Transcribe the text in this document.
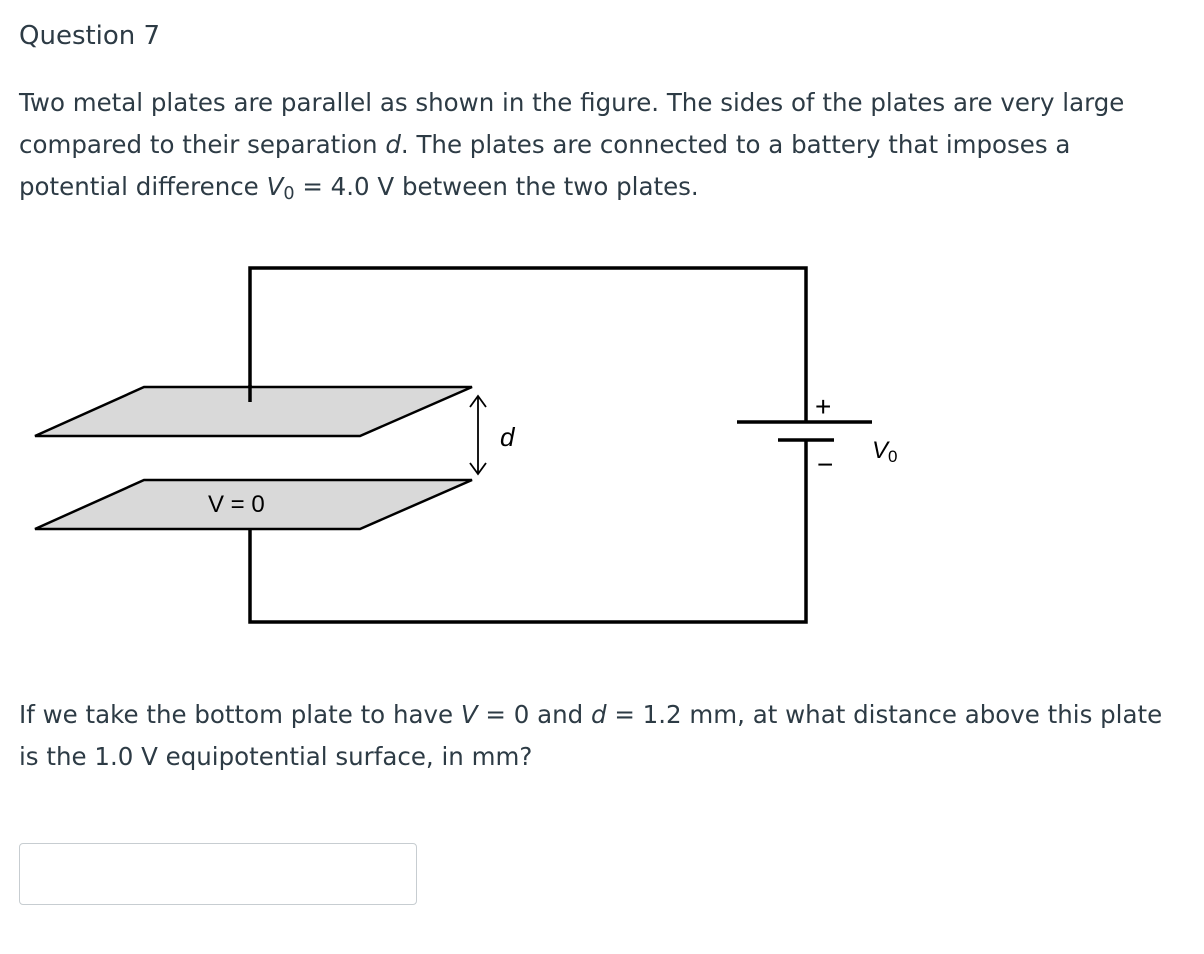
Question 7

Two metal plates are parallel as shown in the figure. The sides of the plates are very large compared to their separation d. The plates are connected to a battery that imposes a potential difference V0 = 4.0 V between the two plates.

d
+
− V0
V = 0

If we take the bottom plate to have V = 0 and d = 1.2 mm, at what distance above this plate is the 1.0 V equipotential surface, in mm?
